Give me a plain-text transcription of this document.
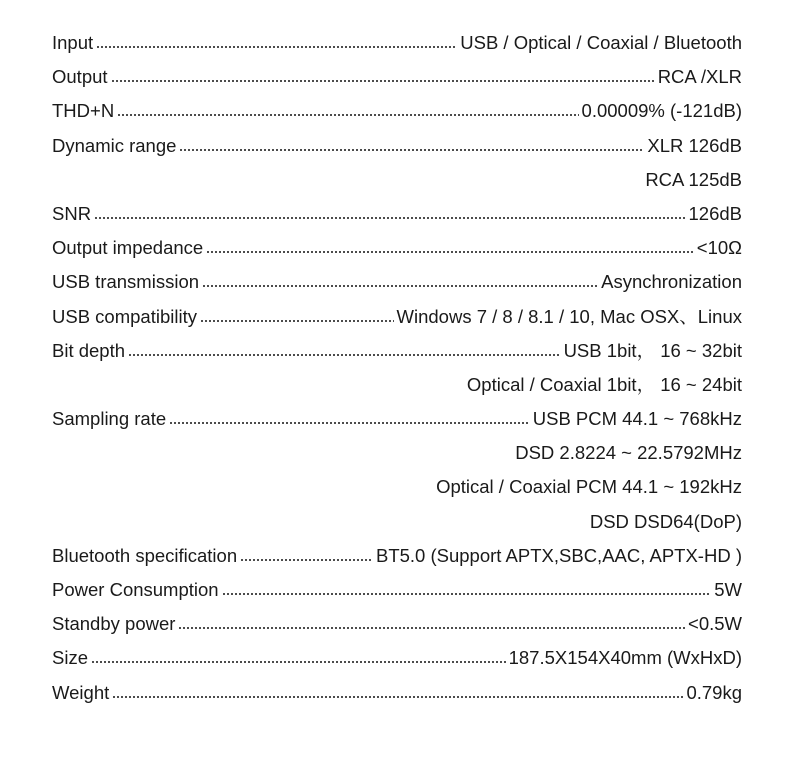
Input	USB / Optical / Coaxial / Bluetooth
Output	RCA /XLR
THD+N	0.00009% (-121dB)
Dynamic range	XLR 126dB
RCA 125dB
SNR	126dB
Output impedance	<10Ω
USB transmission	Asynchronization
USB compatibility	Windows 7 / 8 / 8.1 / 10, Mac OSX、Linux
Bit depth	USB 1bit， 16 ~ 32bit
Optical / Coaxial 1bit， 16 ~ 24bit
Sampling rate	USB PCM 44.1 ~ 768kHz
DSD 2.8224 ~ 22.5792MHz
Optical / Coaxial PCM 44.1 ~ 192kHz
DSD DSD64(DoP)
Bluetooth specification	BT5.0 (Support APTX,SBC,AAC, APTX-HD )
Power Consumption	5W
Standby power	<0.5W
Size	187.5X154X40mm (WxHxD)
Weight	0.79kg
